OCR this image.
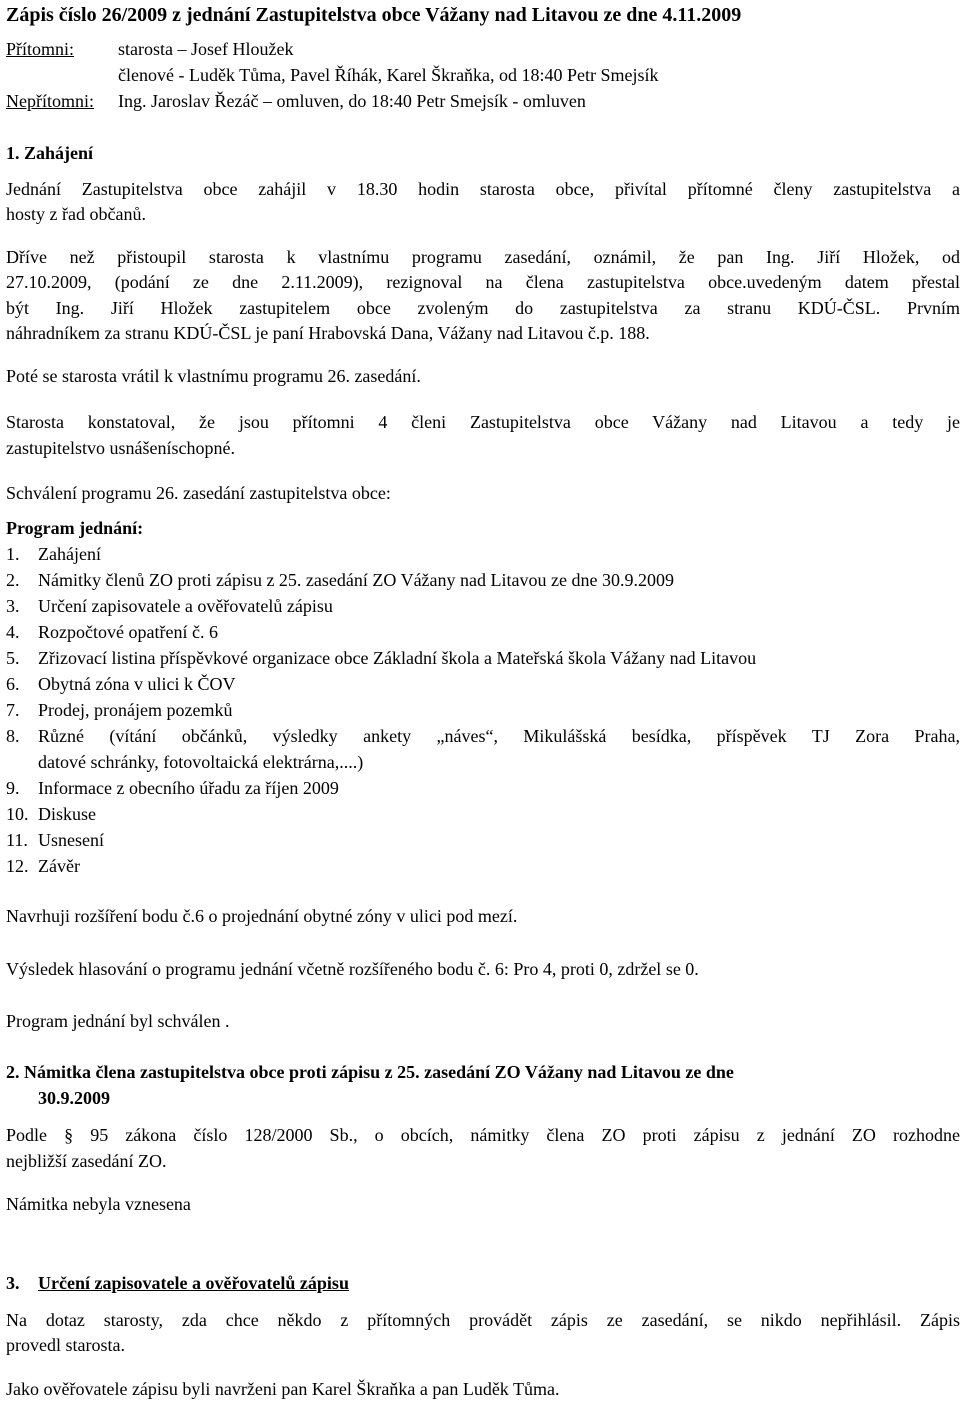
Zápis číslo 26/2009 z jednání Zastupitelstva obce Vážany nad Litavou ze dne 4.11.2009
Přítomni: starosta – Josef Hloužek
členové - Luděk Tůma, Pavel Říhák, Karel Škraňka, od 18:40 Petr Smejsík
Nepřítomni: Ing. Jaroslav Řezáč – omluven, do 18:40 Petr Smejsík - omluven
1. Zahájení
Jednání Zastupitelstva obce zahájil v 18.30 hodin starosta obce, přivítal přítomné členy zastupitelstva a
hosty z řad občanů.
Dříve než přistoupil starosta k vlastnímu programu zasedání, oznámil, že pan Ing. Jiří Hložek, od
27.10.2009, (podání ze dne 2.11.2009), rezignoval na člena zastupitelstva obce.uvedeným datem přestal
být Ing. Jiří Hložek zastupitelem obce zvoleným do zastupitelstva za stranu KDÚ-ČSL. Prvním
náhradníkem za stranu KDÚ-ČSL je paní Hrabovská Dana, Vážany nad Litavou č.p. 188.
Poté se starosta vrátil k vlastnímu programu 26. zasedání.
Starosta konstatoval, že jsou přítomni 4 členi Zastupitelstva obce Vážany nad Litavou a tedy je
zastupitelstvo usnášeníschopné.
Schválení programu 26. zasedání zastupitelstva obce:
Program jednání:
1. Zahájení
2. Námitky členů ZO proti zápisu z 25. zasedání ZO Vážany nad Litavou ze dne 30.9.2009
3. Určení zapisovatele a ověřovatelů zápisu
4. Rozpočtové opatření č. 6
5. Zřizovací listina příspěvkové organizace obce Základní škola a Mateřská škola Vážany nad Litavou
6. Obytná zóna v ulici k ČOV
7. Prodej, pronájem pozemků
8. Různé (vítání občánků, výsledky ankety „náves“, Mikulášská besídka, příspěvek TJ Zora Praha,
datové schránky, fotovoltaická elektrárna,....)
9. Informace z obecního úřadu za říjen 2009
10. Diskuse
11. Usnesení
12. Závěr
Navrhuji rozšíření bodu č.6 o projednání obytné zóny v ulici pod mezí.
Výsledek hlasování o programu jednání včetně rozšířeného bodu č. 6: Pro 4, proti 0, zdržel se 0.
Program jednání byl schválen .
2. Námitka člena zastupitelstva obce proti zápisu z 25. zasedání ZO Vážany nad Litavou ze dne
30.9.2009
Podle § 95 zákona číslo 128/2000 Sb., o obcích, námitky člena ZO proti zápisu z jednání ZO rozhodne
nejbližší zasedání ZO.
Námitka nebyla vznesena
3. Určení zapisovatele a ověřovatelů zápisu
Na dotaz starosty, zda chce někdo z přítomných provádět zápis ze zasedání, se nikdo nepřihlásil. Zápis
provedl starosta.
Jako ověřovatele zápisu byli navrženi pan Karel Škraňka a pan Luděk Tůma.
